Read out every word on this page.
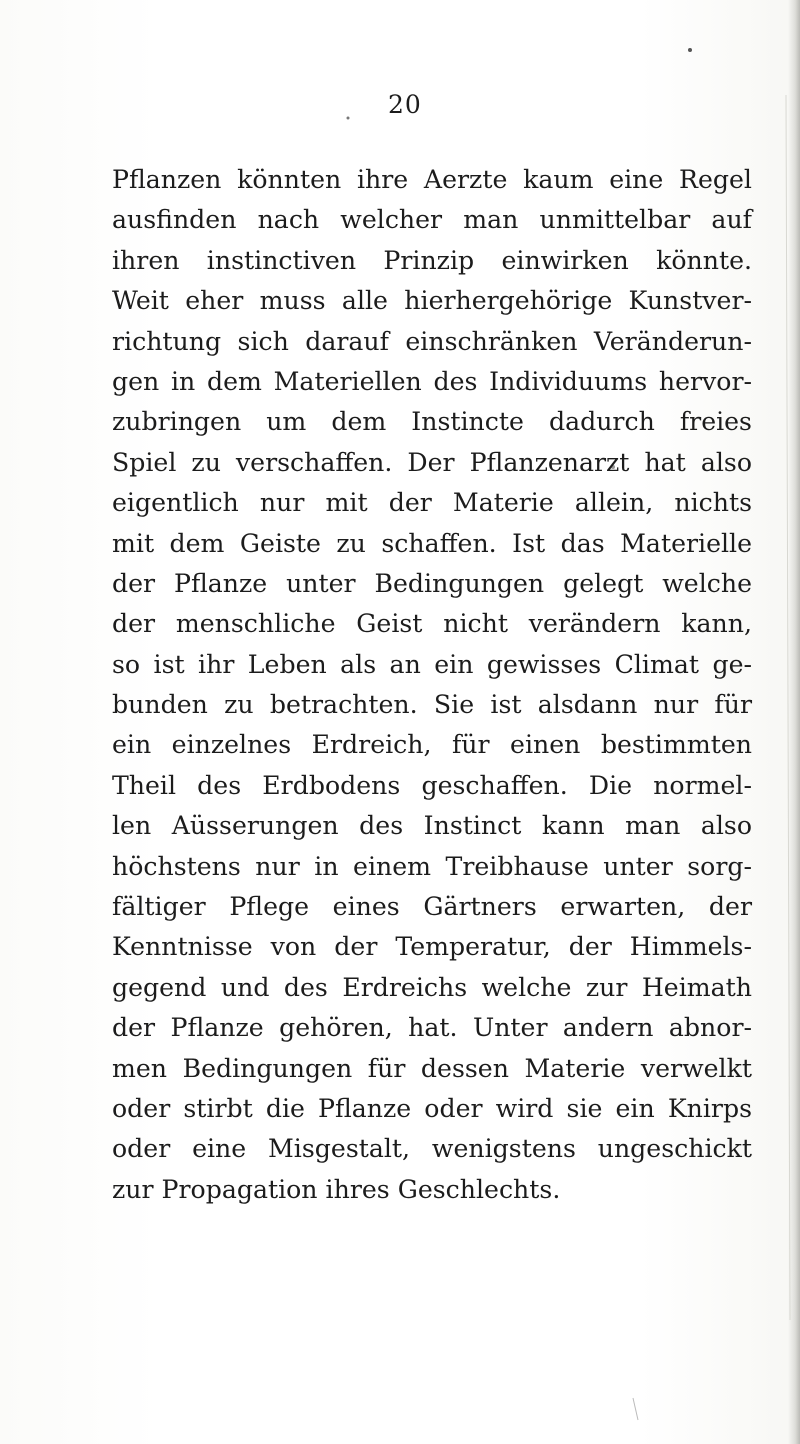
20
Pflanzen könnten ihre Aerzte kaum eine Regel
ausfinden nach welcher man unmittelbar auf
ihren instinctiven Prinzip einwirken könnte.
Weit eher muss alle hierhergehörige Kunstver-
richtung sich darauf einschränken Veränderun-
gen in dem Materiellen des Individuums hervor-
zubringen um dem Instincte dadurch freies
Spiel zu verschaffen. Der Pflanzenarzt hat also
eigentlich nur mit der Materie allein, nichts
mit dem Geiste zu schaffen. Ist das Materielle
der Pflanze unter Bedingungen gelegt welche
der menschliche Geist nicht verändern kann,
so ist ihr Leben als an ein gewisses Climat ge-
bunden zu betrachten. Sie ist alsdann nur für
ein einzelnes Erdreich, für einen bestimmten
Theil des Erdbodens geschaffen. Die normel-
len Aüsserungen des Instinct kann man also
höchstens nur in einem Treibhause unter sorg-
fältiger Pflege eines Gärtners erwarten, der
Kenntnisse von der Temperatur, der Himmels-
gegend und des Erdreichs welche zur Heimath
der Pflanze gehören, hat. Unter andern abnor-
men Bedingungen für dessen Materie verwelkt
oder stirbt die Pflanze oder wird sie ein Knirps
oder eine Misgestalt, wenigstens ungeschickt
zur Propagation ihres Geschlechts.
